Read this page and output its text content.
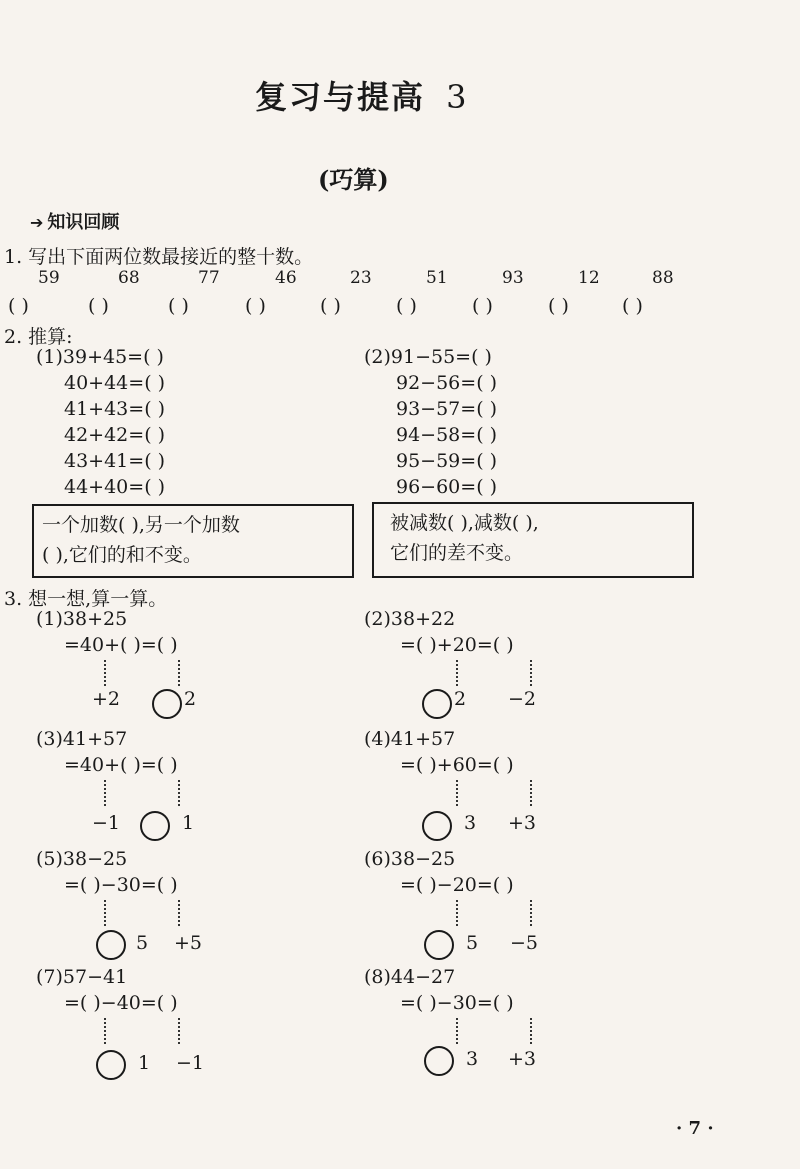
复习与提高 3
(巧算)
➔ 知识回顾
1. 写出下面两位数最接近的整十数。
59	68	77	46	23	51	93	12	88
( )	( )	( )	( )	( )	( )	( )	( )	( )
2. 推算:
(1)39+45=( )
40+44=( )
41+43=( )
42+42=( )
43+41=( )
44+40=( )
(2)91−55=( )
92−56=( )
93−57=( )
94−58=( )
95−59=( )
96−60=( )
一个加数( ),另一个加数
( ),它们的和不变。
被减数( ),减数( ),
它们的差不变。
3. 想一想,算一算。
(1)38+25
=40+( )=( )
+2	2
(2)38+22
=( )+20=( )
2 −2
(3)41+57
=40+( )=( )
−1	1
(4)41+57
=( )+60=( )
3 +3
(5)38−25
=( )−30=( )
5 +5
(6)38−25
=( )−20=( )
5 −5
(7)57−41
=( )−40=( )
1 −1
(8)44−27
=( )−30=( )
3 +3
· 7 ·
